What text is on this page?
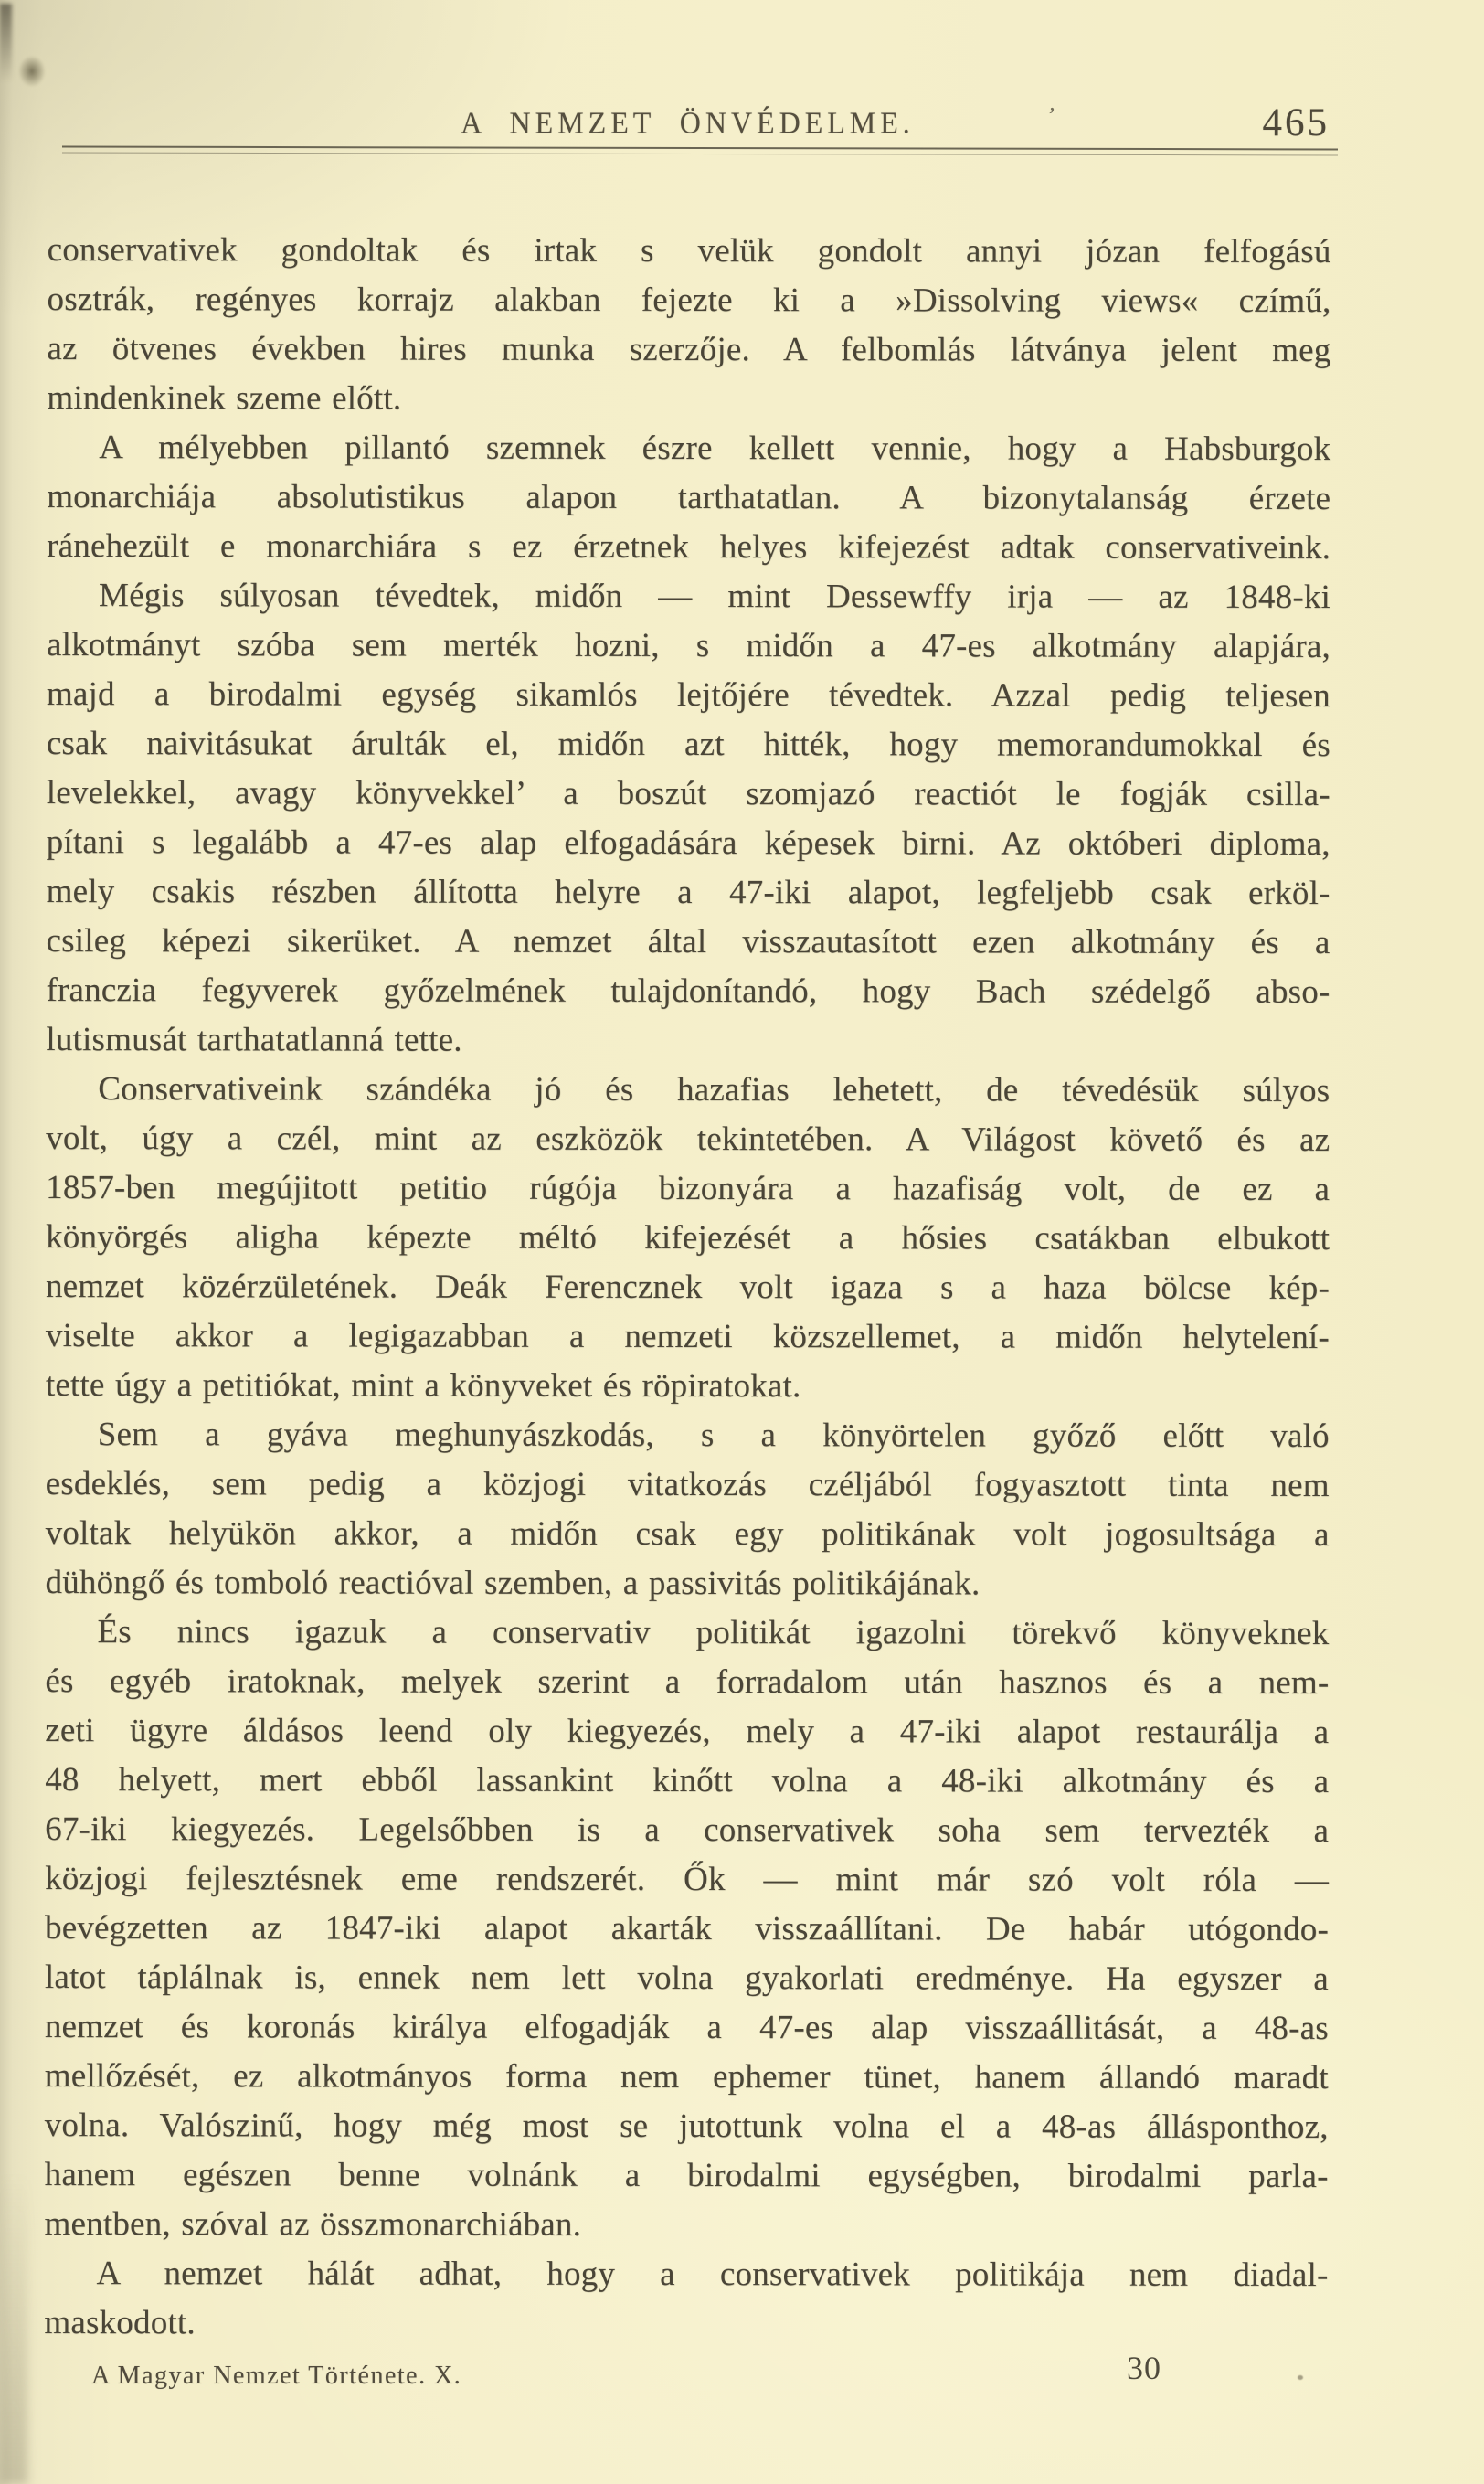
A NEMZET ÖNVÉDELME.	465
’

conservativek gondoltak és irtak s velük gondolt annyi józan felfogású

osztrák, regényes korrajz alakban fejezte ki a »Dissolving views« czímű,

az ötvenes években hires munka szerzője. A felbomlás látványa jelent meg

mindenkinek szeme előtt.

A mélyebben pillantó szemnek észre kellett vennie, hogy a Habsburgok

monarchiája absolutistikus alapon tarthatatlan. A bizonytalanság érzete

ránehezült e monarchiára s ez érzetnek helyes kifejezést adtak conservativeink.

Mégis súlyosan tévedtek, midőn — mint Dessewffy irja — az 1848-ki

alkotmányt szóba sem merték hozni, s midőn a 47-es alkotmány alapjára,

majd a birodalmi egység sikamlós lejtőjére tévedtek. Azzal pedig teljesen

csak naivitásukat árulták el, midőn azt hitték, hogy memorandumokkal és

levelekkel, avagy könyvekkel’ a boszút szomjazó reactiót le fogják csilla-

pítani s legalább a 47-es alap elfogadására képesek birni. Az októberi diploma,

mely csakis részben állította helyre a 47-iki alapot, legfeljebb csak erköl-

csileg képezi sikerüket. A nemzet által visszautasított ezen alkotmány és a

franczia fegyverek győzelmének tulajdonítandó, hogy Bach szédelgő abso-

lutismusát tarthatatlanná tette.

Conservativeink szándéka jó és hazafias lehetett, de tévedésük súlyos

volt, úgy a czél, mint az eszközök tekintetében. A Világost követő és az

1857-ben megújitott petitio rúgója bizonyára a hazafiság volt, de ez a

könyörgés aligha képezte méltó kifejezését a hősies csatákban elbukott

nemzet közérzületének. Deák Ferencznek volt igaza s a haza bölcse kép-

viselte akkor a legigazabban a nemzeti közszellemet, a midőn helytelení-

tette úgy a petitiókat, mint a könyveket és röpiratokat.

Sem a gyáva meghunyászkodás, s a könyörtelen győző előtt való

esdeklés, sem pedig a közjogi vitatkozás czéljából fogyasztott tinta nem

voltak helyükön akkor, a midőn csak egy politikának volt jogosultsága a

dühöngő és tomboló reactióval szemben, a passivitás politikájának.

És nincs igazuk a conservativ politikát igazolni törekvő könyveknek

és egyéb iratoknak, melyek szerint a forradalom után hasznos és a nem-

zeti ügyre áldásos leend oly kiegyezés, mely a 47-iki alapot restaurálja a

48 helyett, mert ebből lassankint kinőtt volna a 48-iki alkotmány és a

67-iki kiegyezés. Legelsőbben is a conservativek soha sem tervezték a

közjogi fejlesztésnek eme rendszerét. Ők — mint már szó volt róla —

bevégzetten az 1847-iki alapot akarták visszaállítani. De habár utógondo-

latot táplálnak is, ennek nem lett volna gyakorlati eredménye. Ha egyszer a

nemzet és koronás királya elfogadják a 47-es alap visszaállitását, a 48-as

mellőzését, ez alkotmányos forma nem ephemer tünet, hanem állandó maradt

volna. Valószinű, hogy még most se jutottunk volna el a 48-as állásponthoz,

hanem egészen benne volnánk a birodalmi egységben, birodalmi parla-

mentben, szóval az összmonarchiában.

A nemzet hálát adhat, hogy a conservativek politikája nem diadal-

maskodott.

A Magyar Nemzet Története. X.	30
